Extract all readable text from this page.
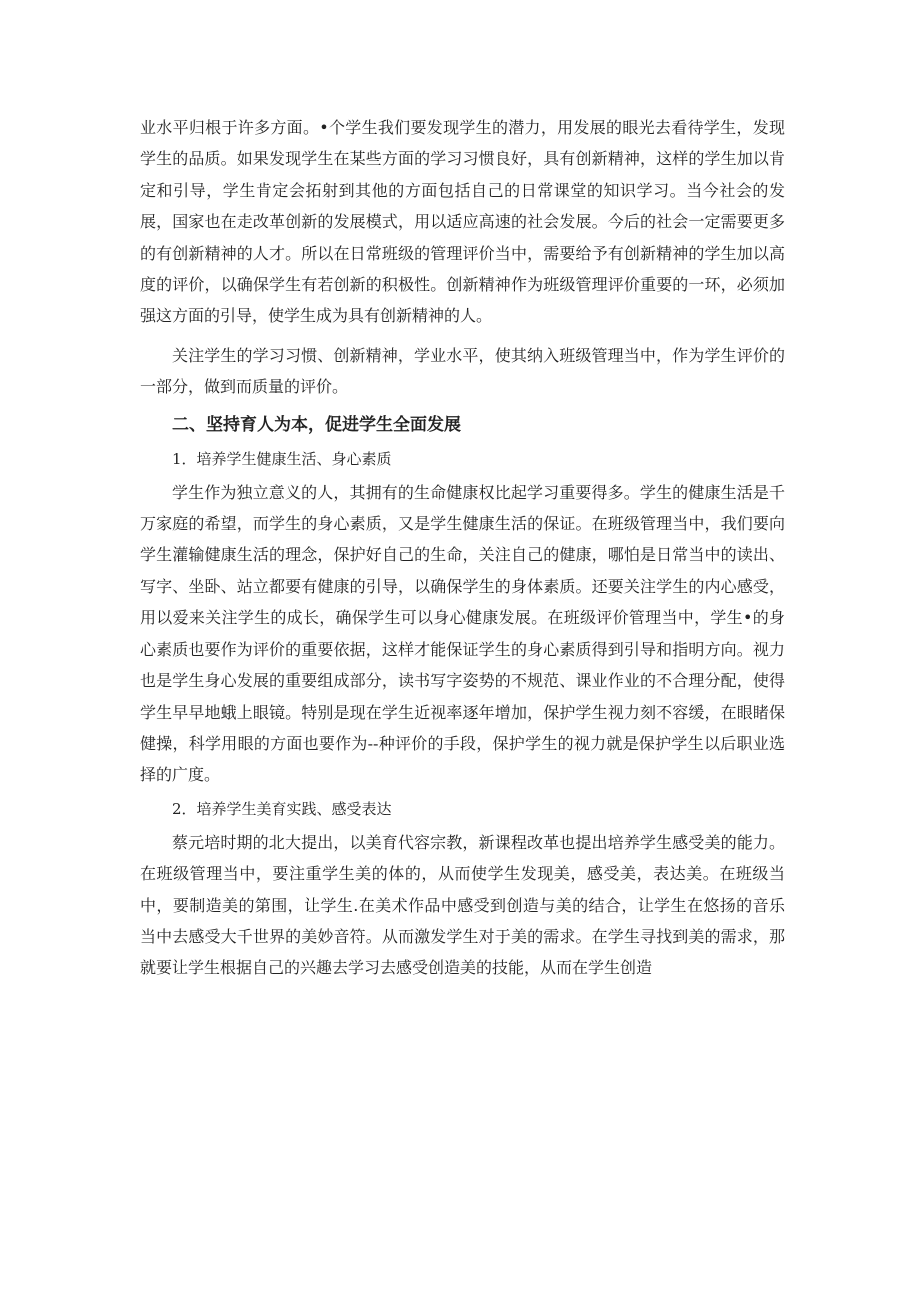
业水平归根于许多方面。•个学生我们要发现学生的潜力，用发展的眼光去看待学生，发现学生的品质。如果发现学生在某些方面的学习习惯良好，具有创新精神，这样的学生加以肯定和引导，学生肯定会拓射到其他的方面包括自己的日常课堂的知识学习。当今社会的发展，国家也在走改革创新的发展模式，用以适应高速的社会发展。今后的社会一定需要更多的有创新精神的人才。所以在日常班级的管理评价当中，需要给予有创新精神的学生加以高度的评价，以确保学生有若创新的积极性。创新精神作为班级管理评价重要的一环，必须加强这方面的引导，使学生成为具有创新精神的人。

关注学生的学习习惯、创新精神，学业水平，使其纳入班级管理当中，作为学生评价的一部分，做到而质量的评价。

二、坚持育人为本，促进学生全面发展

1．培养学生健康生活、身心素质

学生作为独立意义的人，其拥有的生命健康权比起学习重要得多。学生的健康生活是千万家庭的希望，而学生的身心素质，又是学生健康生活的保证。在班级管理当中，我们要向学生灌输健康生活的理念，保护好自己的生命，关注自己的健康，哪怕是日常当中的读出、写字、坐卧、站立都要有健康的引导，以确保学生的身体素质。还要关注学生的内心感受，用以爱来关注学生的成长，确保学生可以身心健康发展。在班级评价管理当中，学生•的身心素质也要作为评价的重要依据，这样才能保证学生的身心素质得到引导和指明方向。视力也是学生身心发展的重要组成部分，读书写字姿势的不规范、课业作业的不合理分配，使得学生早早地蛾上眼镜。特别是现在学生近视率逐年增加，保护学生视力刻不容缓，在眼睹保健操，科学用眼的方面也要作为--种评价的手段，保护学生的视力就是保护学生以后职业选择的广度。

2．培养学生美育实践、感受表达

蔡元培时期的北大提出，以美育代容宗教，新课程改革也提出培养学生感受美的能力。在班级管理当中，要注重学生美的体的，从而使学生发现美，感受美，表达美。在班级当中，要制造美的第围，让学生.在美术作品中感受到创造与美的结合，让学生在悠扬的音乐当中去感受大千世界的美妙音符。从而激发学生对于美的需求。在学生寻找到美的需求，那就要让学生根据自己的兴趣去学习去感受创造美的技能，从而在学生创造
